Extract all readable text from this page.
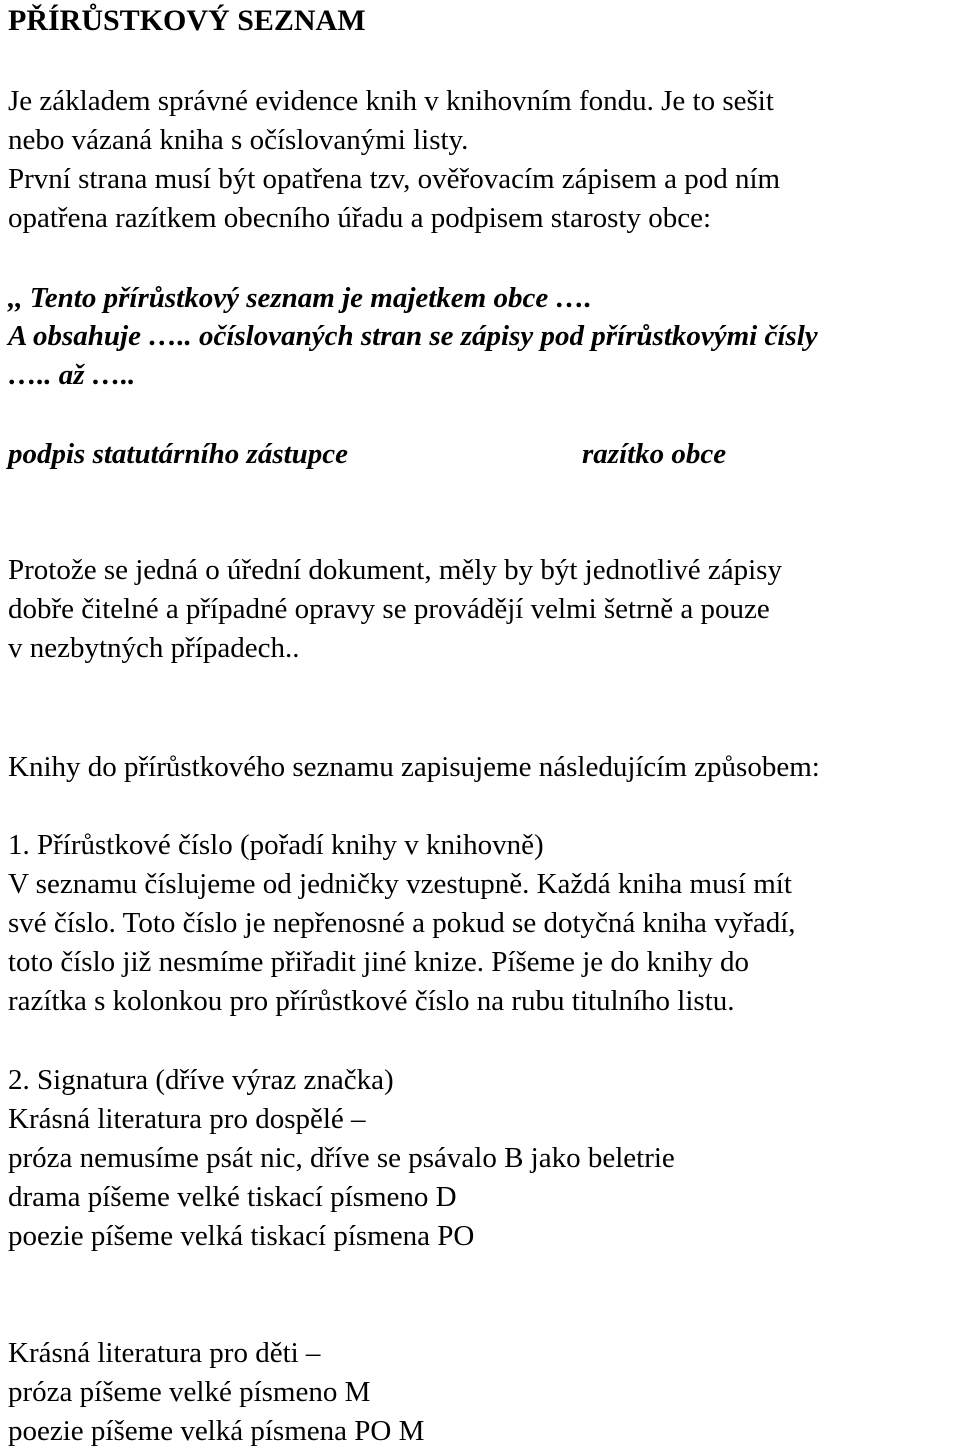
PŘÍRŮSTKOVÝ SEZNAM
Je základem správné evidence knih v knihovním fondu. Je to sešit
nebo vázaná kniha s očíslovanými listy.
První strana musí být opatřena tzv, ověřovacím zápisem a pod ním
opatřena razítkem obecního úřadu a podpisem starosty obce:
,, Tento přírůstkový seznam je majetkem obce ….
A obsahuje ….. očíslovaných stran se zápisy pod přírůstkovými čísly
….. až …..
podpis statutárního zástupce	razítko obce
Protože se jedná o úřední dokument, měly by být jednotlivé zápisy
dobře čitelné a případné opravy se provádějí velmi šetrně a pouze
v nezbytných případech..
Knihy do přírůstkového seznamu zapisujeme následujícím způsobem:
1. Přírůstkové číslo (pořadí knihy v knihovně)
V seznamu číslujeme od jedničky vzestupně. Každá kniha musí mít
své číslo. Toto číslo je nepřenosné a pokud se dotyčná kniha vyřadí,
toto číslo již nesmíme přiřadit jiné knize. Píšeme je do knihy do
razítka s kolonkou pro přírůstkové číslo na rubu titulního listu.
2. Signatura (dříve výraz značka)
Krásná literatura pro dospělé –
próza nemusíme psát nic, dříve se psávalo B jako beletrie
drama píšeme velké tiskací písmeno D
poezie píšeme velká tiskací písmena PO
Krásná literatura pro děti –
próza píšeme velké písmeno M
poezie píšeme velká písmena PO M
